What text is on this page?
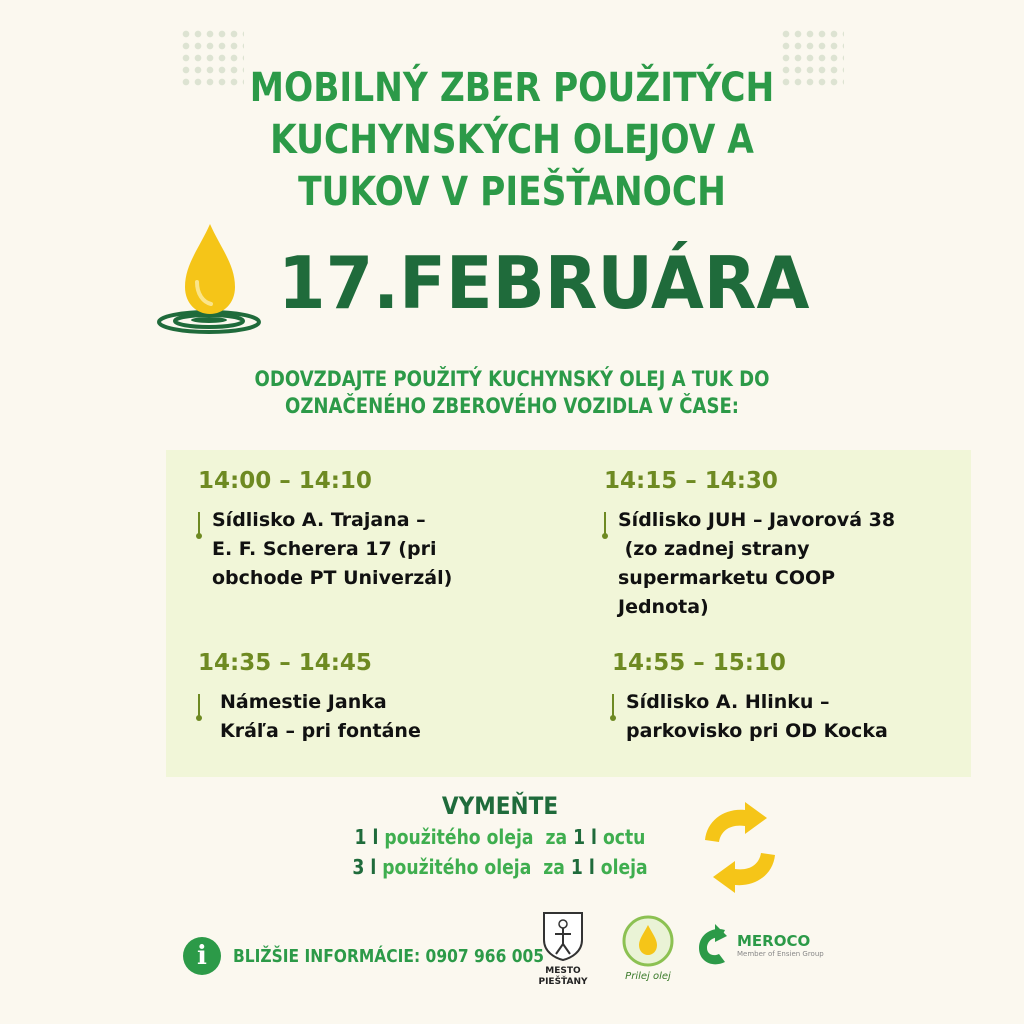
MOBILNÝ ZBER POUŽITÝCH
KUCHYNSKÝCH OLEJOV A
TUKOV V PIEŠŤANOCH
17.FEBRUÁRA
ODOVZDAJTE POUŽITÝ KUCHYNSKÝ OLEJ A TUK DO
OZNAČENÉHO ZBEROVÉHO VOZIDLA V ČASE:
14:00 – 14:10
Sídlisko A. Trajana –
E. F. Scherera 17 (pri
obchode PT Univerzál)
14:15 – 14:30
Sídlisko JUH – Javorová 38
(zo zadnej strany
supermarketu COOP
Jednota)
14:35 – 14:45
Námestie Janka
Kráľa – pri fontáne
14:55 – 15:10
Sídlisko A. Hlinku –
parkovisko pri OD Kocka
VYMEŇTE
1 l použitého oleja za 1 l octu
3 l použitého oleja za 1 l oleja
i	BLIŽŠIE INFORMÁCIE: 0907 966 005
MESTO
PIEŠŤANY	Prilej olej
MEROCO
Member of Ensien Group
